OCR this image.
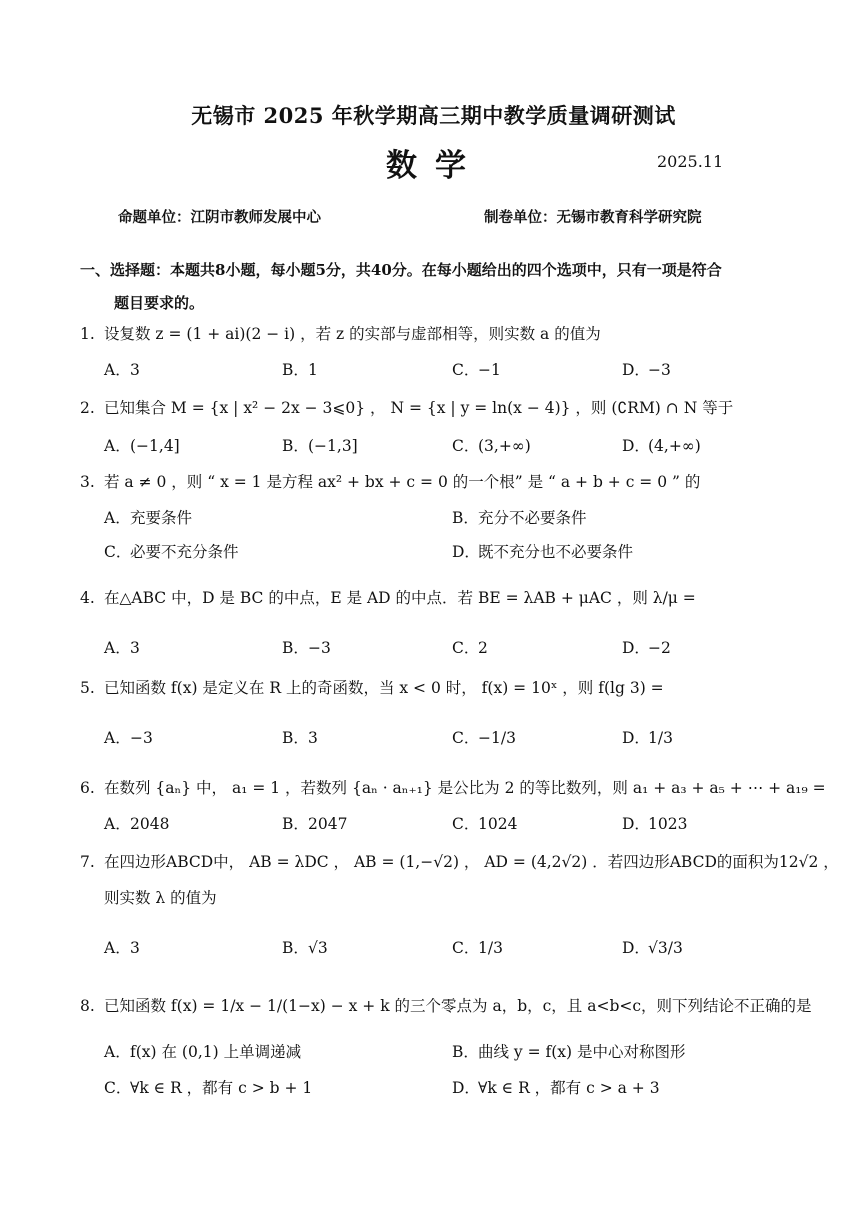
无锡市 2025 年秋学期高三期中教学质量调研测试
数学	2025.11
命题单位：江阴市教师发展中心	制卷单位：无锡市教育科学研究院
一、选择题：本题共8小题，每小题5分，共40分。在每小题给出的四个选项中，只有一项是符合
题目要求的。
1. 设复数 z = (1 + ai)(2 − i) ，若 z 的实部与虚部相等，则实数 a 的值为
A．3	B．1	C．−1	D．−3
2. 已知集合 M = {x | x² − 2x − 3⩽0} ， N = {x | y = ln(x − 4)} ，则 (∁RM) ∩ N 等于
A．(−1,4]	B．(−1,3]	C．(3,+∞)	D．(4,+∞)
3. 若 a ≠ 0 ，则 “ x = 1 是方程 ax² + bx + c = 0 的一个根” 是 “ a + b + c = 0 ” 的
A．充要条件	B．充分不必要条件
C．必要不充分条件	D．既不充分也不必要条件
4. 在△ABC 中，D 是 BC 的中点，E 是 AD 的中点．若 BE = λAB + μAC ，则 λ/μ =
A．3	B．−3	C．2	D．−2
5. 已知函数 f(x) 是定义在 R 上的奇函数，当 x < 0 时， f(x) = 10ˣ ，则 f(lg 3) =
A．−3	B．3	C．−1/3	D．1/3
6. 在数列 {aₙ} 中， a₁ = 1 ，若数列 {aₙ · aₙ₊₁} 是公比为 2 的等比数列，则 a₁ + a₃ + a₅ + ⋯ + a₁₉ =
A．2048	B．2047	C．1024	D．1023
7. 在四边形ABCD中， AB = λDC ， AB = (1,−√2) ， AD = (4,2√2) ．若四边形ABCD的面积为12√2 ，
则实数 λ 的值为
A．3	B．√3	C．1/3	D．√3/3
8. 已知函数 f(x) = 1/x − 1/(1−x) − x + k 的三个零点为 a，b，c，且 a<b<c，则下列结论不正确的是
A．f(x) 在 (0,1) 上单调递减	B．曲线 y = f(x) 是中心对称图形
C．∀k ∈ R ，都有 c > b + 1	D．∀k ∈ R ，都有 c > a + 3
